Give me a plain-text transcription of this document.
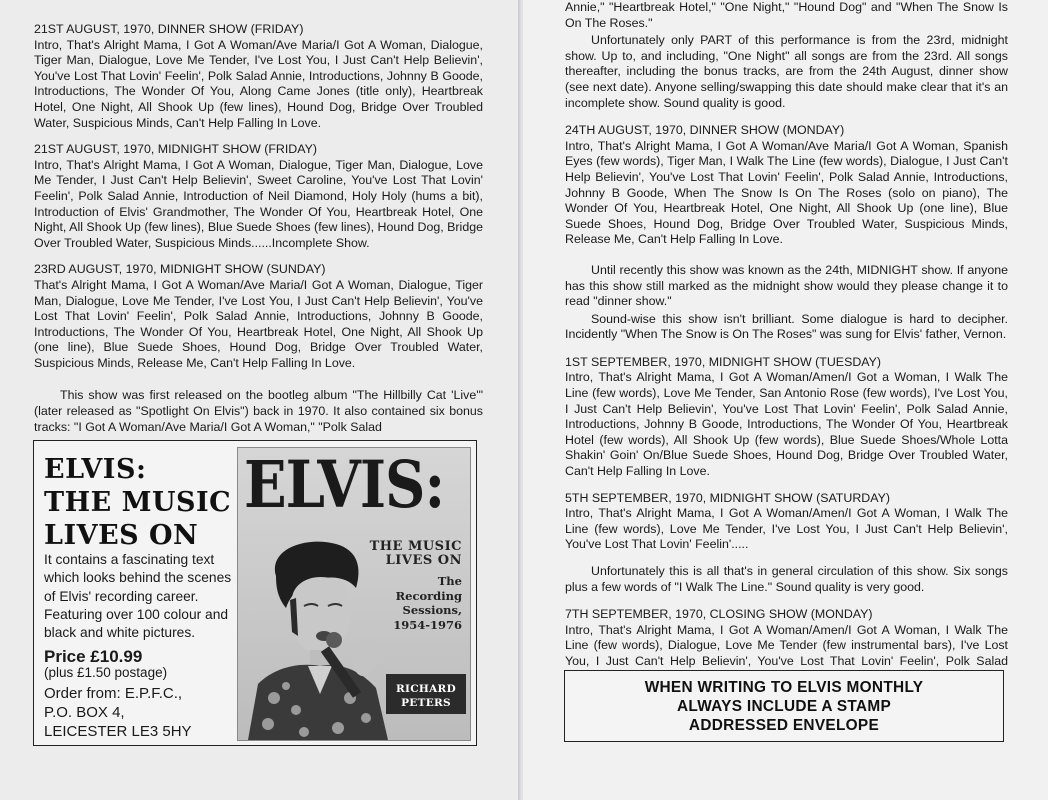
21ST AUGUST, 1970, DINNER SHOW (FRIDAY)
Intro, That's Alright Mama, I Got A Woman/Ave Maria/I Got A Woman, Dialogue, Tiger Man, Dialogue, Love Me Tender, I've Lost You, I Just Can't Help Believin', You've Lost That Lovin' Feelin', Polk Salad Annie, Introductions, Johnny B Goode, Introductions, The Wonder Of You, Along Came Jones (title only), Heartbreak Hotel, One Night, All Shook Up (few lines), Hound Dog, Bridge Over Troubled Water, Suspicious Minds, Can't Help Falling In Love.
21ST AUGUST, 1970, MIDNIGHT SHOW (FRIDAY)
Intro, That's Alright Mama, I Got A Woman, Dialogue, Tiger Man, Dialogue, Love Me Tender, I Just Can't Help Believin', Sweet Caroline, You've Lost That Lovin' Feelin', Polk Salad Annie, Introduction of Neil Diamond, Holy Holy (hums a bit), Introduction of Elvis' Grandmother, The Wonder Of You, Heartbreak Hotel, One Night, All Shook Up (few lines), Blue Suede Shoes (few lines), Hound Dog, Bridge Over Troubled Water, Suspicious Minds......Incomplete Show.
23RD AUGUST, 1970, MIDNIGHT SHOW (SUNDAY)
That's Alright Mama, I Got A Woman/Ave Maria/I Got A Woman, Dialogue, Tiger Man, Dialogue, Love Me Tender, I've Lost You, I Just Can't Help Believin', You've Lost That Lovin' Feelin', Polk Salad Annie, Introductions, Johnny B Goode, Introductions, The Wonder Of You, Heartbreak Hotel, One Night, All Shook Up (one line), Blue Suede Shoes, Hound Dog, Bridge Over Troubled Water, Suspicious Minds, Release Me, Can't Help Falling In Love.

This show was first released on the bootleg album "The Hillbilly Cat 'Live'" (later released as "Spotlight On Elvis") back in 1970. It also contained six bonus tracks: "I Got A Woman/Ave Maria/I Got A Woman," "Polk Salad

ELVIS:
THE MUSIC
LIVES ON
It contains a fascinating text which looks behind the scenes of Elvis' recording career. Featuring over 100 colour and black and white pictures.
Price £10.99
(plus £1.50 postage)
Order from: E.P.F.C.,
P.O. BOX 4,
LEICESTER LE3 5HY
ELVIS:
THE MUSIC
LIVES ON
The
Recording
Sessions,
1954-1976
RICHARD
PETERS

Annie," "Heartbreak Hotel," "One Night," "Hound Dog" and "When The Snow Is On The Roses."

Unfortunately only PART of this performance is from the 23rd, midnight show. Up to, and including, "One Night" all songs are from the 23rd. All songs thereafter, including the bonus tracks, are from the 24th August, dinner show (see next date). Anyone selling/swapping this date should make clear that it's an incomplete show. Sound quality is good.

24TH AUGUST, 1970, DINNER SHOW (MONDAY)
Intro, That's Alright Mama, I Got A Woman/Ave Maria/I Got A Woman, Spanish Eyes (few words), Tiger Man, I Walk The Line (few words), Dialogue, I Just Can't Help Believin', You've Lost That Lovin' Feelin', Polk Salad Annie, Introductions, Johnny B Goode, When The Snow Is On The Roses (solo on piano), The Wonder Of You, Heartbreak Hotel, One Night, All Shook Up (one line), Blue Suede Shoes, Hound Dog, Bridge Over Troubled Water, Suspicious Minds, Release Me, Can't Help Falling In Love.

Until recently this show was known as the 24th, MIDNIGHT show. If anyone has this show still marked as the midnight show would they please change it to read "dinner show."

Sound-wise this show isn't brilliant. Some dialogue is hard to decipher. Incidently "When The Snow is On The Roses" was sung for Elvis' father, Vernon.

1ST SEPTEMBER, 1970, MIDNIGHT SHOW (TUESDAY)
Intro, That's Alright Mama, I Got A Woman/Amen/I Got a Woman, I Walk The Line (few words), Love Me Tender, San Antonio Rose (few words), I've Lost You, I Just Can't Help Believin', You've Lost That Lovin' Feelin', Polk Salad Annie, Introductions, Johnny B Goode, Introductions, The Wonder Of You, Heartbreak Hotel (few words), All Shook Up (few words), Blue Suede Shoes/Whole Lotta Shakin' Goin' On/Blue Suede Shoes, Hound Dog, Bridge Over Troubled Water, Can't Help Falling In Love.
5TH SEPTEMBER, 1970, MIDNIGHT SHOW (SATURDAY)
Intro, That's Alright Mama, I Got A Woman/Amen/I Got A Woman, I Walk The Line (few words), Love Me Tender, I've Lost You, I Just Can't Help Believin', You've Lost That Lovin' Feelin'.....

Unfortunately this is all that's in general circulation of this show. Six songs plus a few words of "I Walk The Line." Sound quality is very good.

7TH SEPTEMBER, 1970, CLOSING SHOW (MONDAY)
Intro, That's Alright Mama, I Got A Woman/Amen/I Got A Woman, I Walk The Line (few words), Dialogue, Love Me Tender (few instrumental bars), I've Lost You, I Just Can't Help Believin', You've Lost That Lovin' Feelin', Polk Salad
WHEN WRITING TO ELVIS MONTHLY
ALWAYS INCLUDE A STAMP
ADDRESSED ENVELOPE
